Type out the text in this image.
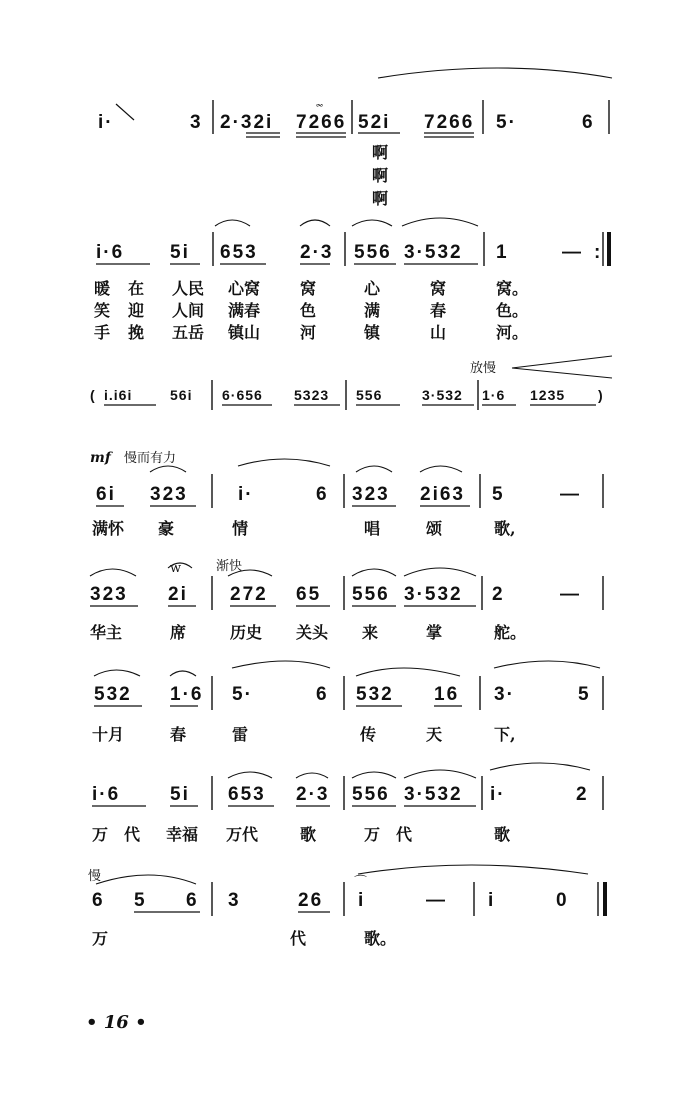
i·	3 2·32i 7266
𝆗
52i 7266 5·	6
i·6 5i 653 2·3 556 3·532 1	— :
放慢
( i.i6i	56i 6·656 5323 556	3·532 1·6 1235 )
mf 慢而有力
6i 323	i·	6 323 2i63 5	—
渐快
w
323 2i 272 65 556 3·532 2	—
532 1·6 5·	6 532 16 3·	5
i·6	5i 653 2·3 556 3·532 i·	2
慢	⌒
6 5 6 3	26 i	— i	0
啊
啊
啊
暖 在 人民 心窝 窝	心	窝	窝。
笑 迎 人间 满春 色	满	春	色。
手 挽 五岳 镇山 河	镇	山	河。
满怀 豪	情	唱	颂	歌,
华主	席	历史 关头 来	掌	舵。
十月	春	雷	传	天	下,
万 代 幸福 万代	歌	万 代	歌
万	代	歌。
• 16 •
